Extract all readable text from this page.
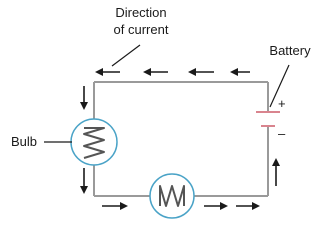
+
–
Direction
of current
Battery
Bulb
